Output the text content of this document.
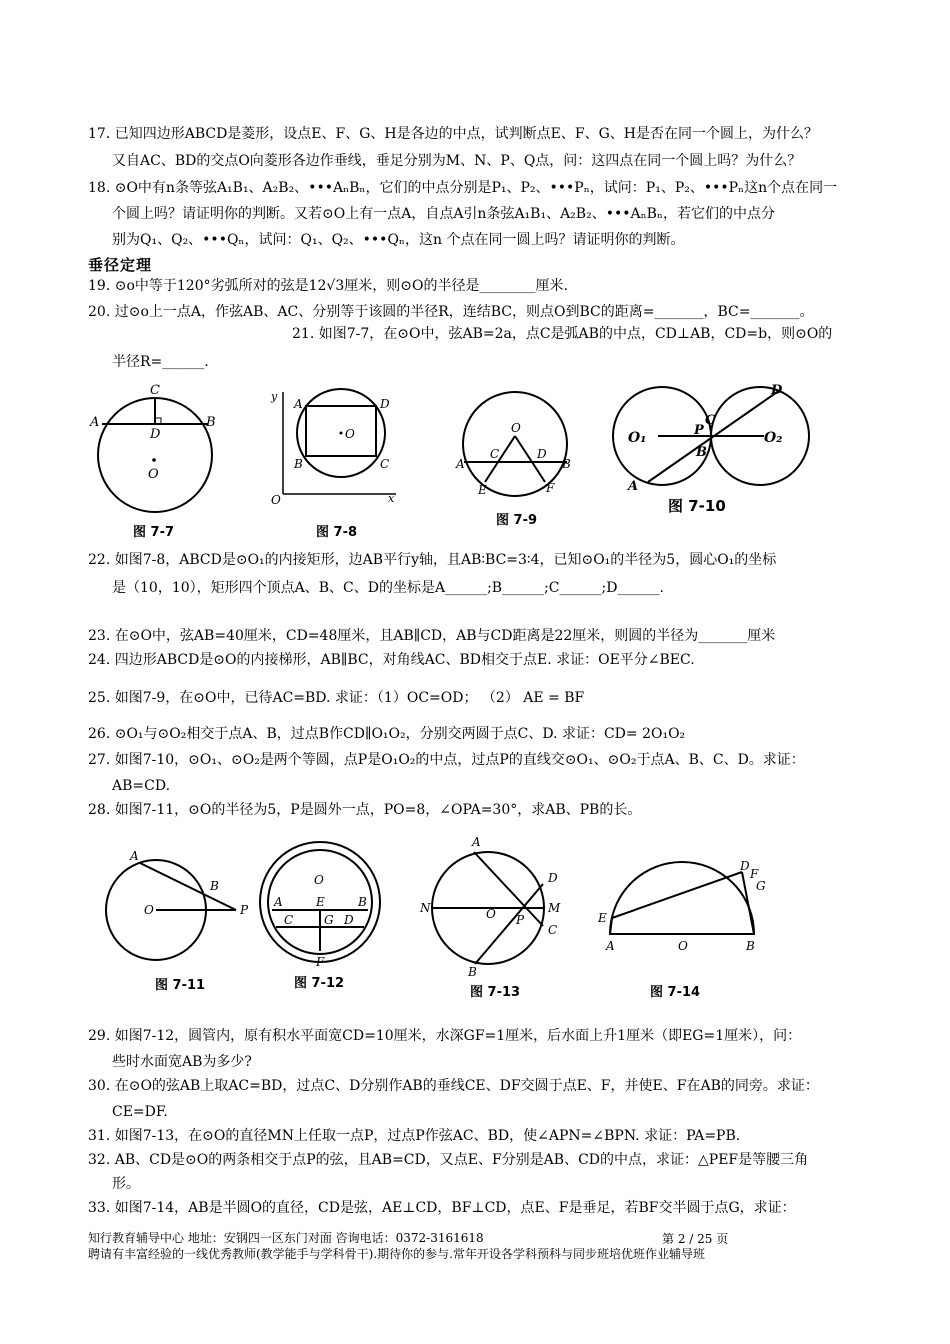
17. 已知四边形ABCD是菱形，设点E、F、G、H是各边的中点，试判断点E、F、G、H是否在同一个圆上，为什么？
又自AC、BD的交点O向菱形各边作垂线，垂足分别为M、N、P、Q点，问：这四点在同一个圆上吗？为什么？
18. ⊙O中有n条等弦A₁B₁、A₂B₂、•••AₙBₙ，它们的中点分别是P₁、P₂、•••Pₙ，试问：P₁、P₂、•••Pₙ这n个点在同一
个圆上吗？请证明你的判断。又若⊙O上有一点A，自点A引n条弦A₁B₁、A₂B₂、•••AₙBₙ，若它们的中点分
别为Q₁、Q₂、•••Qₙ，试问：Q₁、Q₂、•••Qₙ，这n 个点在同一圆上吗？请证明你的判断。
垂径定理
19. ⊙o中等于120°劣弧所对的弦是12√3厘米，则⊙O的半径是________厘米.
20. 过⊙o上一点A，作弦AB、AC、分别等于该圆的半径R，连结BC，则点O到BC的距离=_______，BC=_______。
21. 如图7-7，在⊙O中，弦AB=2a，点C是弧AB的中点，CD⊥AB，CD=b，则⊙O的
半径R=______.
A	B
C
D
O
y
x
O
A
B
D
C
O	O
A	B
C	D
E	F
O₁	O₂
P
C
B
A
D
图 7-7	图 7-8
图 7-9
图 7-10
22. 如图7-8，ABCD是⊙O₁的内接矩形，边AB平行y轴，且AB∶BC=3∶4，已知⊙O₁的半径为5，圆心O₁的坐标
是（10，10），矩形四个顶点A、B、C、D的坐标是A______;B______;C______;D______.
23. 在⊙O中，弦AB=40厘米，CD=48厘米，且AB∥CD，AB与CD距离是22厘米，则圆的半径为_______厘米
24. 四边形ABCD是⊙O的内接梯形，AB∥BC，对角线AC、BD相交于点E. 求证：OE平分∠BEC.
25. 如图7-9，在⊙O中，已待AC=BD. 求证：（1）OC=OD； （2） AE = BF
26. ⊙O₁与⊙O₂相交于点A、B，过点B作CD∥O₁O₂，分别交两圆于点C、D. 求证：CD= 2O₁O₂
27. 如图7-10，⊙O₁、⊙O₂是两个等圆，点P是O₁O₂的中点，过点P的直线交⊙O₁、⊙O₂于点A、B、C、D。求证：
AB=CD.
28. 如图7-11，⊙O的半径为5，P是圆外一点，PO=8，∠OPA=30°，求AB、PB的长。
A
B
O	P
O
A	E	B
C	G D
F
A
N	O P
M
D
C
B
A	O	B
E
D
F
G
图 7-11	图 7-12
图 7-13	图 7-14
29. 如图7-12，圆管内，原有积水平面宽CD=10厘米，水深GF=1厘米，后水面上升1厘米（即EG=1厘米），问：
些时水面宽AB为多少?
30. 在⊙O的弦AB上取AC=BD，过点C、D分别作AB的垂线CE、DF交圆于点E、F，并使E、F在AB的同旁。求证：
CE=DF.
31. 如图7-13，在⊙O的直径MN上任取一点P，过点P作弦AC、BD，使∠APN=∠BPN. 求证：PA=PB.
32. AB、CD是⊙O的两条相交于点P的弦，且AB=CD，又点E、F分别是AB、CD的中点，求证：△PEF是等腰三角
形。
33. 如图7-14，AB是半圆O的直径，CD是弦，AE⊥CD，BF⊥CD，点E、F是垂足，若BF交半圆于点G，求证：
知行教育辅导中心 地址：安钢四一区东门对面 咨询电话：0372-3161618	第 2 / 25 页
聘请有丰富经验的一线优秀教师(教学能手与学科骨干).期待你的参与.常年开设各学科预科与同步班培优班作业辅导班
